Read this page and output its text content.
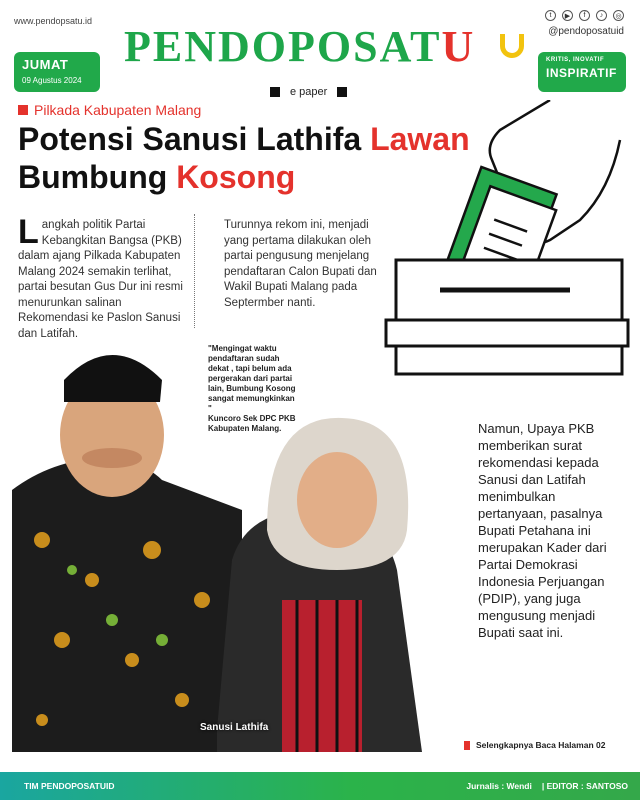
www.pendopsatu.id
JUMAT
09 Agustus 2024
PENDOPOSATU
t	▶	f	♪	◎
@pendoposatuid
KRITIS, INOVATIF
INSPIRATIF
e paper
Pilkada Kabupaten Malang
Potensi Sanusi Lathifa Lawan
Bumbung Kosong
Langkah politik Partai Kebangkitan Bangsa (PKB) dalam ajang Pilkada Kabupaten Malang 2024 semakin terlihat, partai besutan Gus Dur ini resmi menurunkan salinan Rekomendasi ke Paslon Sanusi dan Latifah.
Turunnya rekom ini, menjadi yang pertama dilakukan oleh partai pengusung menjelang pendaftaran Calon Bupati dan Wakil Bupati Malang pada Septermber nanti.
"Mengingat waktu pendaftaran sudah dekat , tapi belum ada pergerakan dari partai lain, Bumbung Kosong sangat memungkinkan "
Kuncoro Sek DPC PKB Kabupaten Malang.
Sanusi Lathifa
Namun, Upaya PKB memberikan surat rekomendasi kepada Sanusi dan Latifah menimbulkan pertanyaan, pasalnya Bupati Petahana ini merupakan Kader dari Partai Demokrasi Indonesia Perjuangan (PDIP), yang juga mengusung menjadi Bupati saat ini.
Selengkapnya Baca Halaman 02
TIM PENDOPOSATUID	Jurnalis : Wendi | EDITOR : SANTOSO
